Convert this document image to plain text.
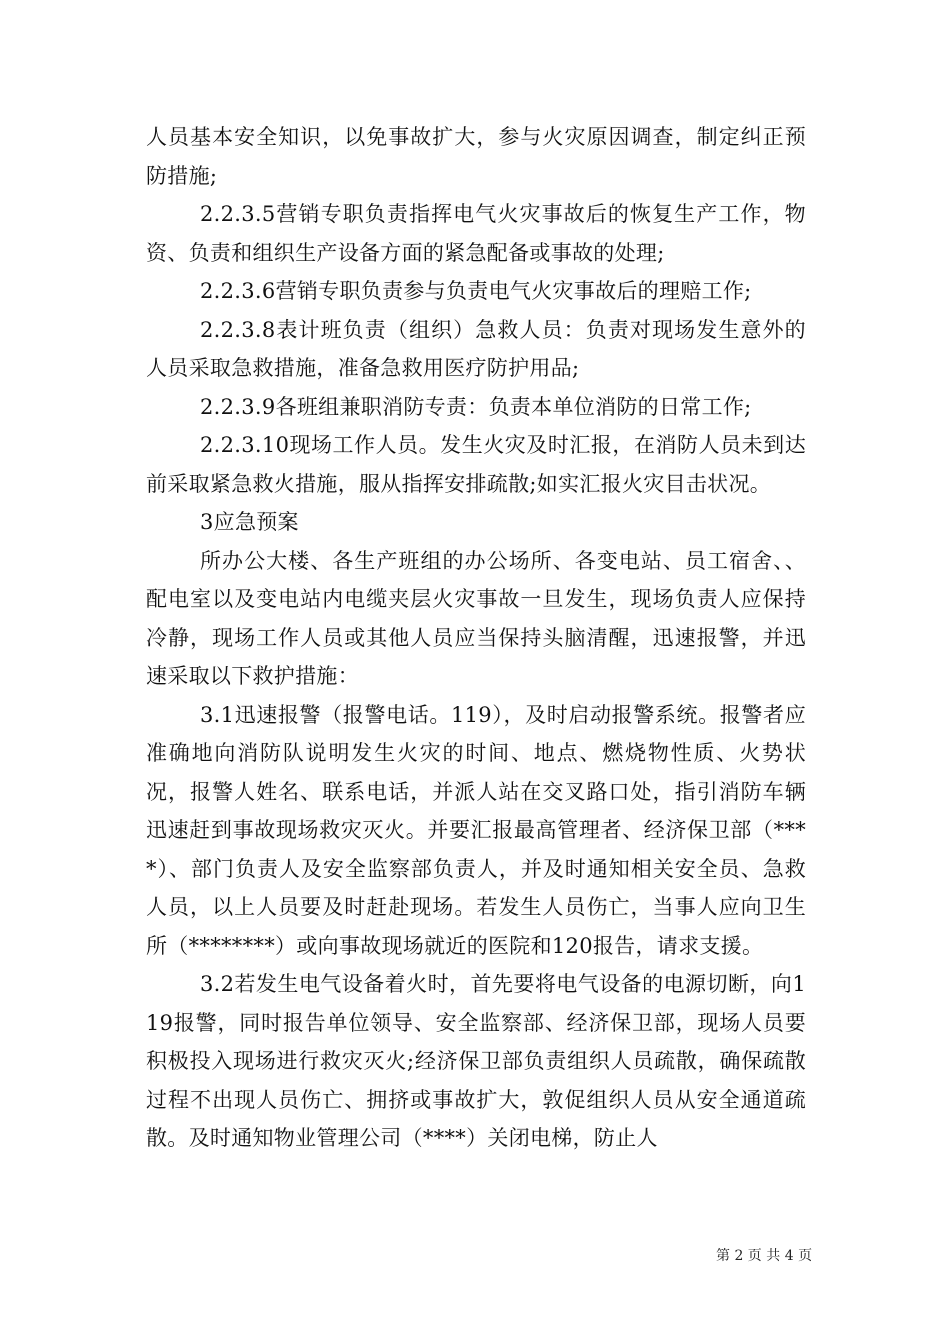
人员基本安全知识，以免事故扩大，参与火灾原因调查，制定纠正预防措施;

2.2.3.5营销专职负责指挥电气火灾事故后的恢复生产工作，物资、负责和组织生产设备方面的紧急配备或事故的处理;

2.2.3.6营销专职负责参与负责电气火灾事故后的理赔工作;

2.2.3.8表计班负责（组织）急救人员：负责对现场发生意外的人员采取急救措施，准备急救用医疗防护用品;

2.2.3.9各班组兼职消防专责：负责本单位消防的日常工作;

2.2.3.10现场工作人员。发生火灾及时汇报，在消防人员未到达前采取紧急救火措施，服从指挥安排疏散;如实汇报火灾目击状况。

3应急预案

所办公大楼、各生产班组的办公场所、各变电站、员工宿舍、、配电室以及变电站内电缆夹层火灾事故一旦发生，现场负责人应保持冷静，现场工作人员或其他人员应当保持头脑清醒，迅速报警，并迅速采取以下救护措施：

3.1迅速报警（报警电话。119），及时启动报警系统。报警者应准确地向消防队说明发生火灾的时间、地点、燃烧物性质、火势状况，报警人姓名、联系电话，并派人站在交叉路口处，指引消防车辆迅速赶到事故现场救灾灭火。并要汇报最高管理者、经济保卫部（****）、部门负责人及安全监察部负责人，并及时通知相关安全员、急救人员，以上人员要及时赶赴现场。若发生人员伤亡，当事人应向卫生所（********）或向事故现场就近的医院和120报告，请求支援。

3.2若发生电气设备着火时，首先要将电气设备的电源切断，向119报警，同时报告单位领导、安全监察部、经济保卫部，现场人员要积极投入现场进行救灾灭火;经济保卫部负责组织人员疏散，确保疏散过程不出现人员伤亡、拥挤或事故扩大，敦促组织人员从安全通道疏散。及时通知物业管理公司（****）关闭电梯，防止人

第 2 页 共 4 页
